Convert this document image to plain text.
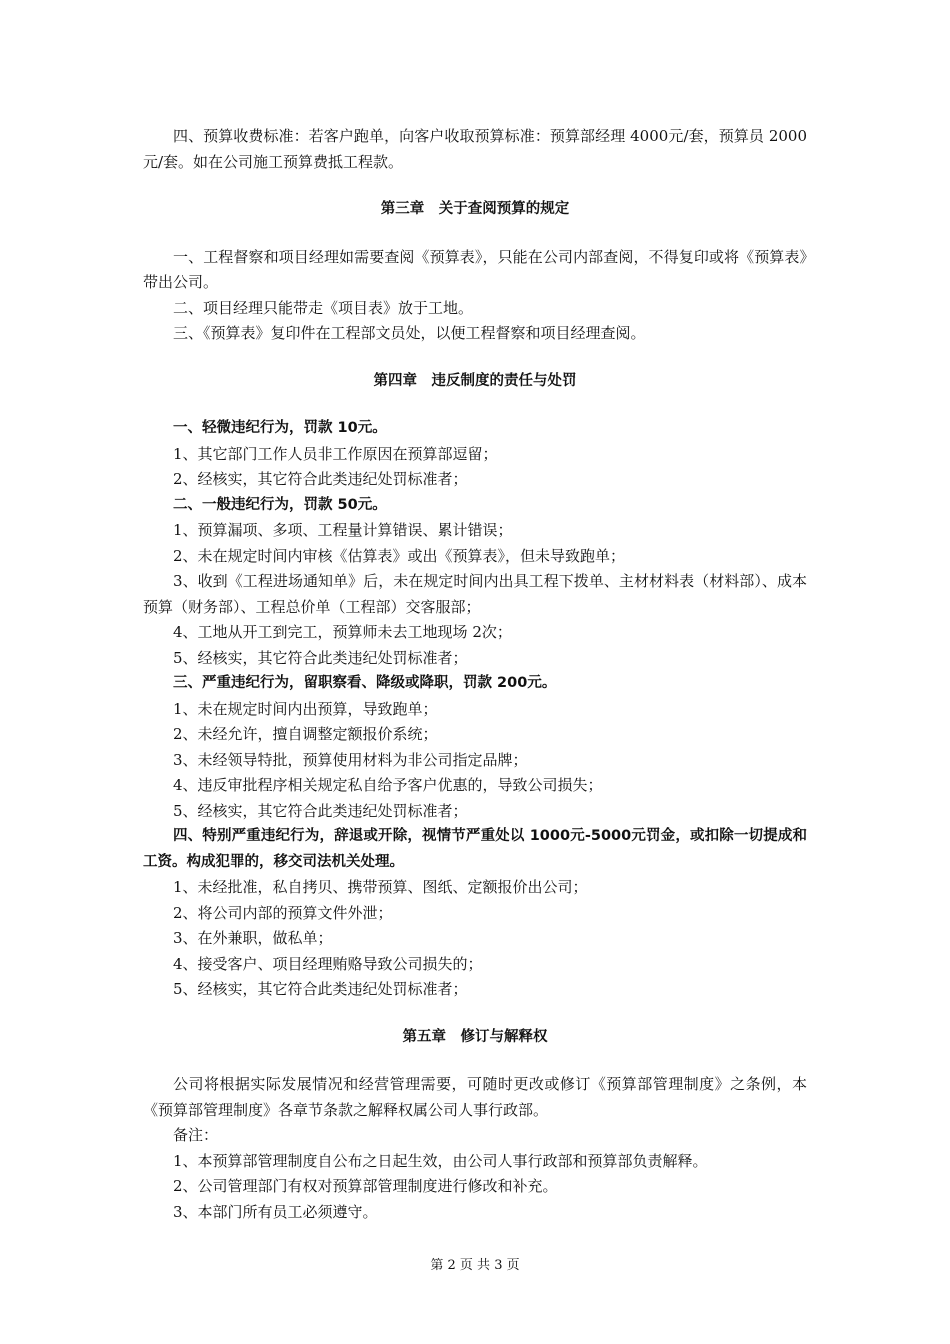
四、预算收费标准：若客户跑单，向客户收取预算标准：预算部经理 4000元/套，预算员 2000元/套。如在公司施工预算费抵工程款。

第三章　关于查阅预算的规定

一、工程督察和项目经理如需要查阅《预算表》，只能在公司内部查阅，不得复印或将《预算表》带出公司。

二、项目经理只能带走《项目表》放于工地。

三、《预算表》复印件在工程部文员处，以便工程督察和项目经理查阅。

第四章　违反制度的责任与处罚

一、轻微违纪行为，罚款 10元。

1、其它部门工作人员非工作原因在预算部逗留；

2、经核实，其它符合此类违纪处罚标准者；

二、一般违纪行为，罚款 50元。

1、预算漏项、多项、工程量计算错误、累计错误；

2、未在规定时间内审核《估算表》或出《预算表》，但未导致跑单；

3、收到《工程进场通知单》后，未在规定时间内出具工程下拨单、主材材料表（材料部）、成本预算（财务部）、工程总价单（工程部）交客服部；

4、工地从开工到完工，预算师未去工地现场 2次；

5、经核实，其它符合此类违纪处罚标准者；

三、严重违纪行为，留职察看、降级或降职，罚款 200元。

1、未在规定时间内出预算，导致跑单；

2、未经允许，擅自调整定额报价系统；

3、未经领导特批，预算使用材料为非公司指定品牌；

4、违反审批程序相关规定私自给予客户优惠的，导致公司损失；

5、经核实，其它符合此类违纪处罚标准者；

四、特别严重违纪行为，辞退或开除，视情节严重处以 1000元-5000元罚金，或扣除一切提成和工资。构成犯罪的，移交司法机关处理。

1、未经批准，私自拷贝、携带预算、图纸、定额报价出公司；

2、将公司内部的预算文件外泄；

3、在外兼职，做私单；

4、接受客户、项目经理贿赂导致公司损失的；

5、经核实，其它符合此类违纪处罚标准者；

第五章　修订与解释权

公司将根据实际发展情况和经营管理需要，可随时更改或修订《预算部管理制度》之条例，本《预算部管理制度》各章节条款之解释权属公司人事行政部。

备注：

1、本预算部管理制度自公布之日起生效，由公司人事行政部和预算部负责解释。

2、公司管理部门有权对预算部管理制度进行修改和补充。

3、本部门所有员工必须遵守。

第 2 页 共 3 页
